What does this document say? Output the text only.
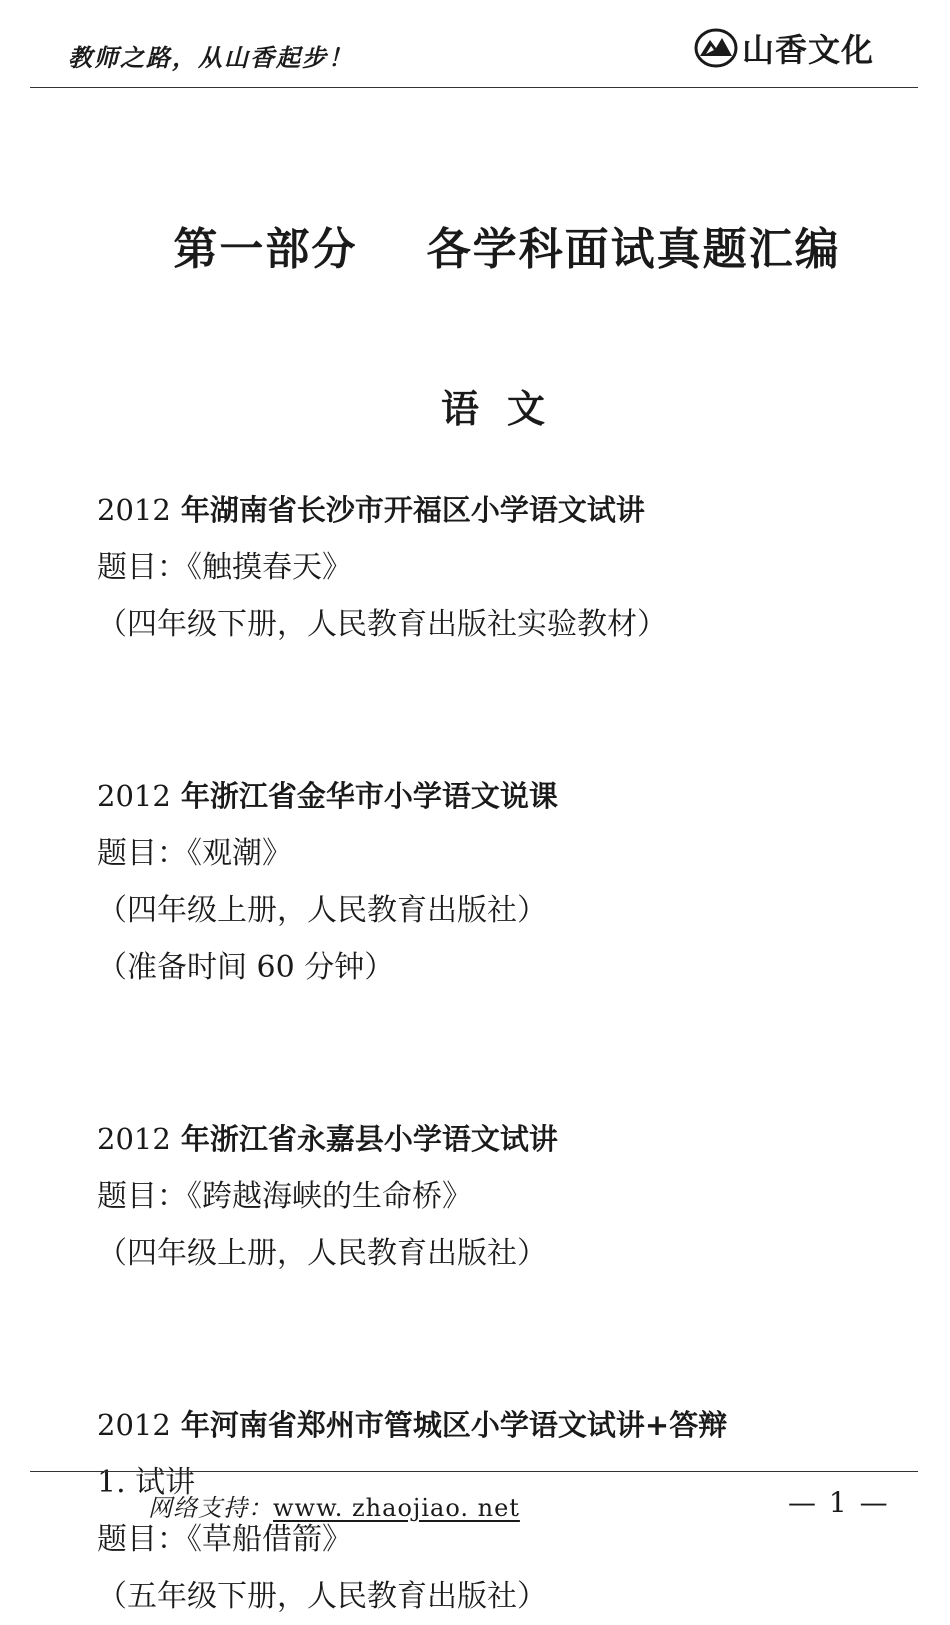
教师之路，从山香起步！	山香文化
第一部分    各学科面试真题汇编
语文
2012 年湖南省长沙市开福区小学语文试讲
题目：《触摸春天》
（四年级下册，人民教育出版社实验教材）
2012 年浙江省金华市小学语文说课
题目：《观潮》
（四年级上册，人民教育出版社）
（准备时间 60 分钟）
2012 年浙江省永嘉县小学语文试讲
题目：《跨越海峡的生命桥》
（四年级上册，人民教育出版社）
2012 年河南省郑州市管城区小学语文试讲+答辩
1. 试讲
题目：《草船借箭》
（五年级下册，人民教育出版社）
网络支持：www. zhaojiao. net	— 1 —
